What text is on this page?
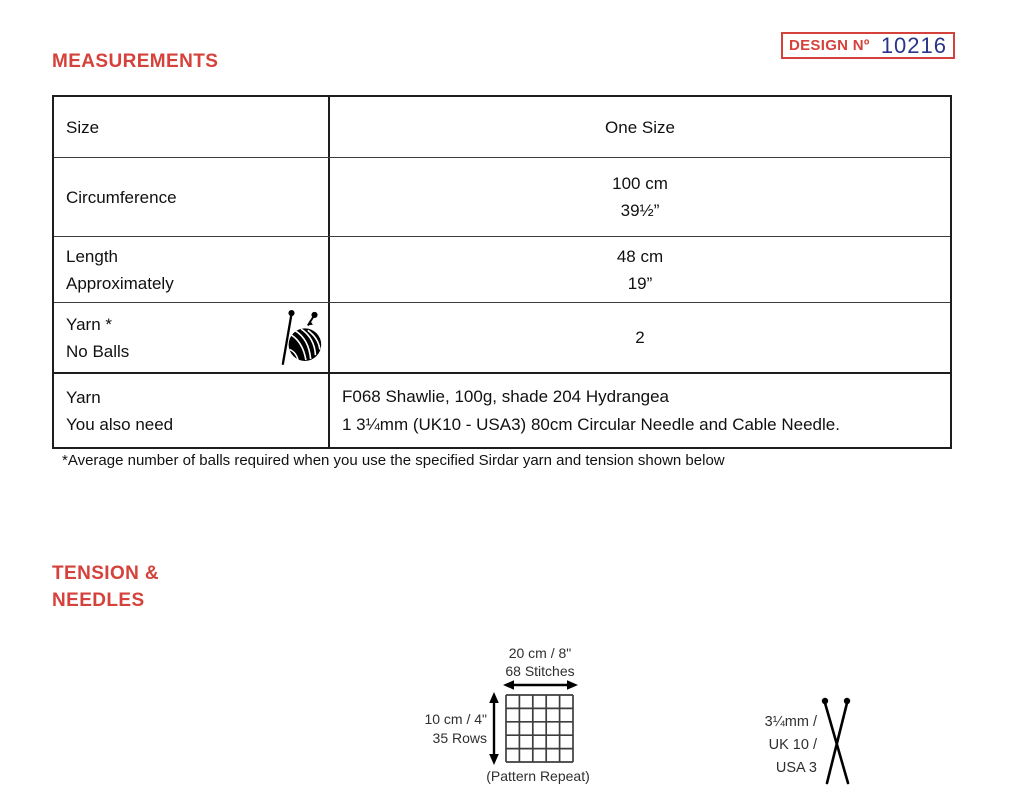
MEASUREMENTS
DESIGN Nº 10216
Size	One Size
Circumference
100 cm
39½”
Length
Approximately
48 cm
19”
Yarn *
No Balls
2
Yarn
You also need
F068 Shawlie, 100g, shade 204 Hydrangea
1 3¼mm (UK10 - USA3) 80cm Circular Needle and Cable Needle.
*Average number of balls required when you use the specified Sirdar yarn and tension shown below
TENSION &
NEEDLES
20 cm / 8"
68 Stitches
10 cm / 4"
35 Rows
(Pattern Repeat)
3¼mm /
UK 10 /
USA 3
